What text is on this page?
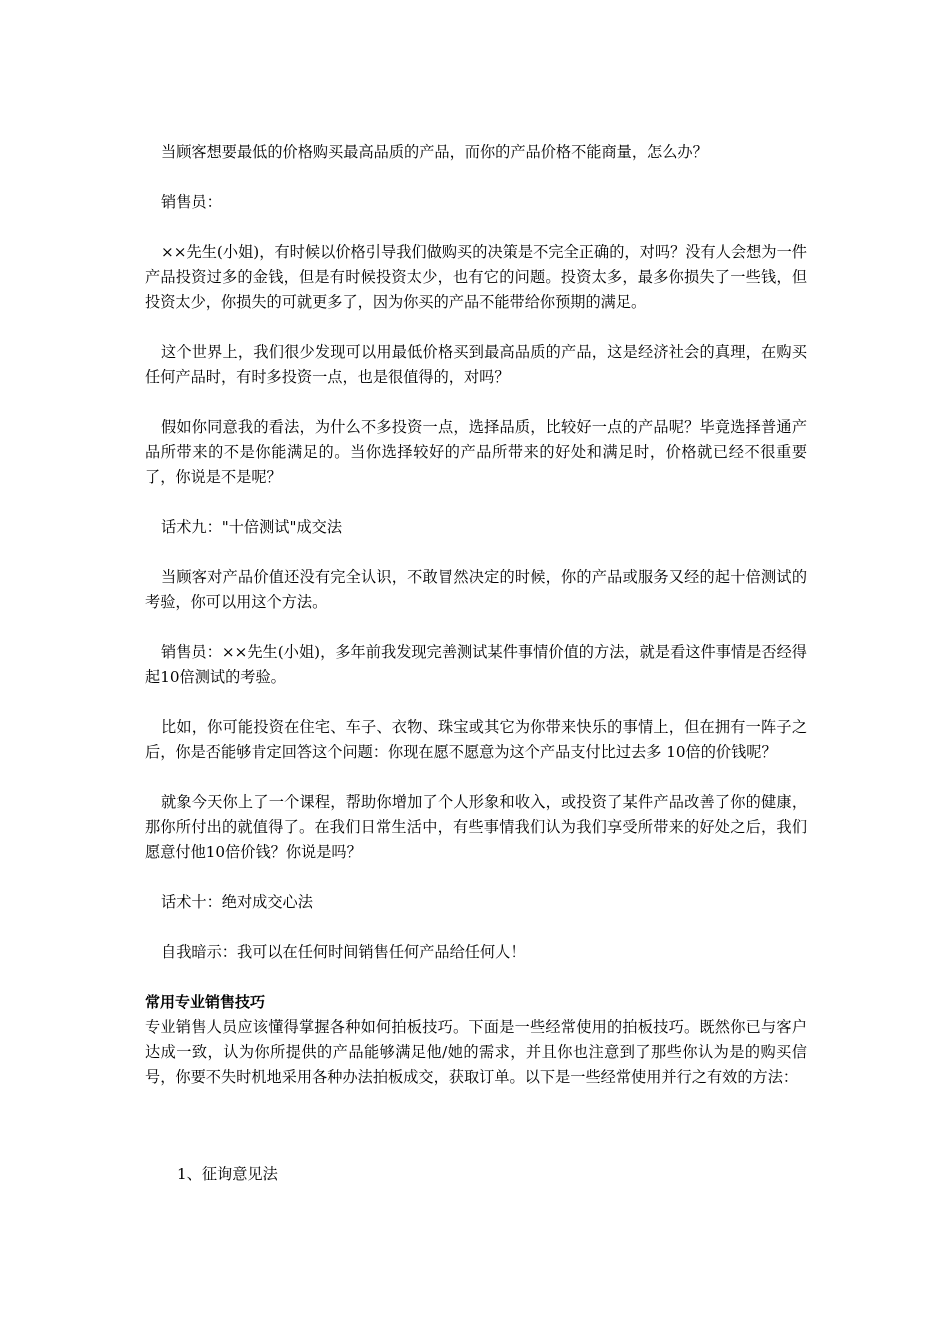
当顾客想要最低的价格购买最高品质的产品，而你的产品价格不能商量，怎么办？

销售员：

××先生(小姐)，有时候以价格引导我们做购买的决策是不完全正确的，对吗？没有人会想为一件产品投资过多的金钱，但是有时候投资太少，也有它的问题。投资太多，最多你损失了一些钱，但投资太少，你损失的可就更多了，因为你买的产品不能带给你预期的满足。

这个世界上，我们很少发现可以用最低价格买到最高品质的产品，这是经济社会的真理，在购买任何产品时，有时多投资一点，也是很值得的，对吗？

假如你同意我的看法，为什么不多投资一点，选择品质，比较好一点的产品呢？毕竟选择普通产品所带来的不是你能满足的。当你选择较好的产品所带来的好处和满足时，价格就已经不很重要了，你说是不是呢？

话术九："十倍测试"成交法

当顾客对产品价值还没有完全认识，不敢冒然决定的时候，你的产品或服务又经的起十倍测试的考验，你可以用这个方法。

销售员：××先生(小姐)，多年前我发现完善测试某件事情价值的方法，就是看这件事情是否经得起10倍测试的考验。

比如，你可能投资在住宅、车子、衣物、珠宝或其它为你带来快乐的事情上，但在拥有一阵子之后，你是否能够肯定回答这个问题：你现在愿不愿意为这个产品支付比过去多 10倍的价钱呢？

就象今天你上了一个课程，帮助你增加了个人形象和收入，或投资了某件产品改善了你的健康，那你所付出的就值得了。在我们日常生活中，有些事情我们认为我们享受所带来的好处之后，我们愿意付他10倍价钱？你说是吗？

话术十：绝对成交心法

自我暗示：我可以在任何时间销售任何产品给任何人！

常用专业销售技巧

专业销售人员应该懂得掌握各种如何拍板技巧。下面是一些经常使用的拍板技巧。既然你已与客户达成一致，认为你所提供的产品能够满足他/她的需求，并且你也注意到了那些你认为是的购买信号，你要不失时机地采用各种办法拍板成交，获取订单。以下是一些经常使用并行之有效的方法：

1、征询意见法
